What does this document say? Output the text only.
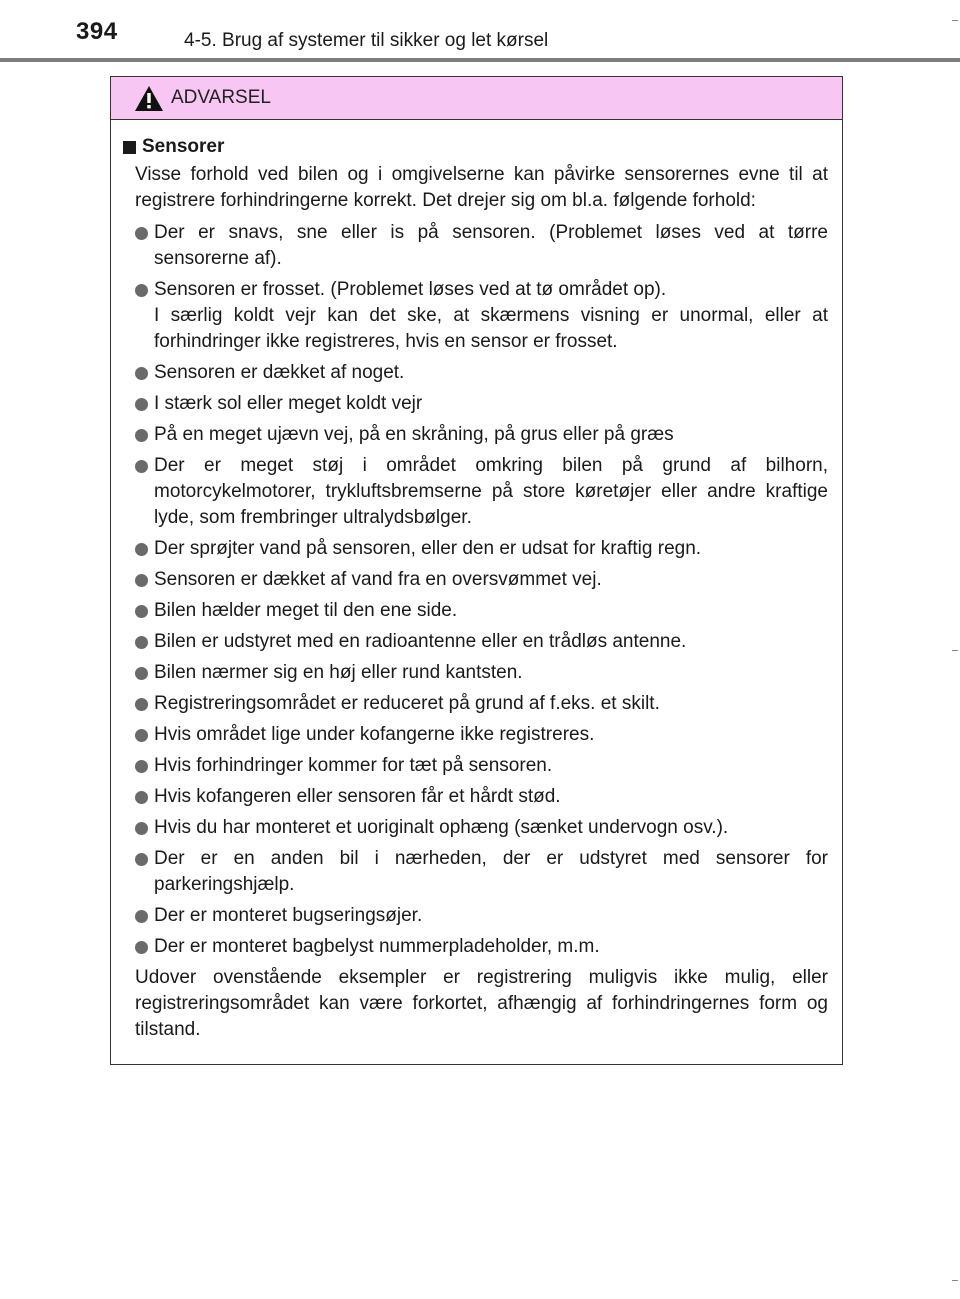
394	4-5. Brug af systemer til sikker og let kørsel
ADVARSEL
Sensorer
Visse forhold ved bilen og i omgivelserne kan påvirke sensorernes evne til at registrere forhindringerne korrekt. Det drejer sig om bl.a. følgende forhold:
Der er snavs, sne eller is på sensoren. (Problemet løses ved at tørre sensorerne af).
Sensoren er frosset. (Problemet løses ved at tø området op).
I særlig koldt vejr kan det ske, at skærmens visning er unormal, eller at forhindringer ikke registreres, hvis en sensor er frosset.
Sensoren er dækket af noget.
I stærk sol eller meget koldt vejr
På en meget ujævn vej, på en skråning, på grus eller på græs
Der er meget støj i området omkring bilen på grund af bilhorn, motorcykelmotorer, trykluftsbremserne på store køretøjer eller andre kraftige lyde, som frembringer ultralydsbølger.
Der sprøjter vand på sensoren, eller den er udsat for kraftig regn.
Sensoren er dækket af vand fra en oversvømmet vej.
Bilen hælder meget til den ene side.
Bilen er udstyret med en radioantenne eller en trådløs antenne.
Bilen nærmer sig en høj eller rund kantsten.
Registreringsområdet er reduceret på grund af f.eks. et skilt.
Hvis området lige under kofangerne ikke registreres.
Hvis forhindringer kommer for tæt på sensoren.
Hvis kofangeren eller sensoren får et hårdt stød.
Hvis du har monteret et uoriginalt ophæng (sænket undervogn osv.).
Der er en anden bil i nærheden, der er udstyret med sensorer for parkeringshjælp.
Der er monteret bugseringsøjer.
Der er monteret bagbelyst nummerpladeholder, m.m.
Udover ovenstående eksempler er registrering muligvis ikke mulig, eller registreringsområdet kan være forkortet, afhængig af forhindringernes form og tilstand.
